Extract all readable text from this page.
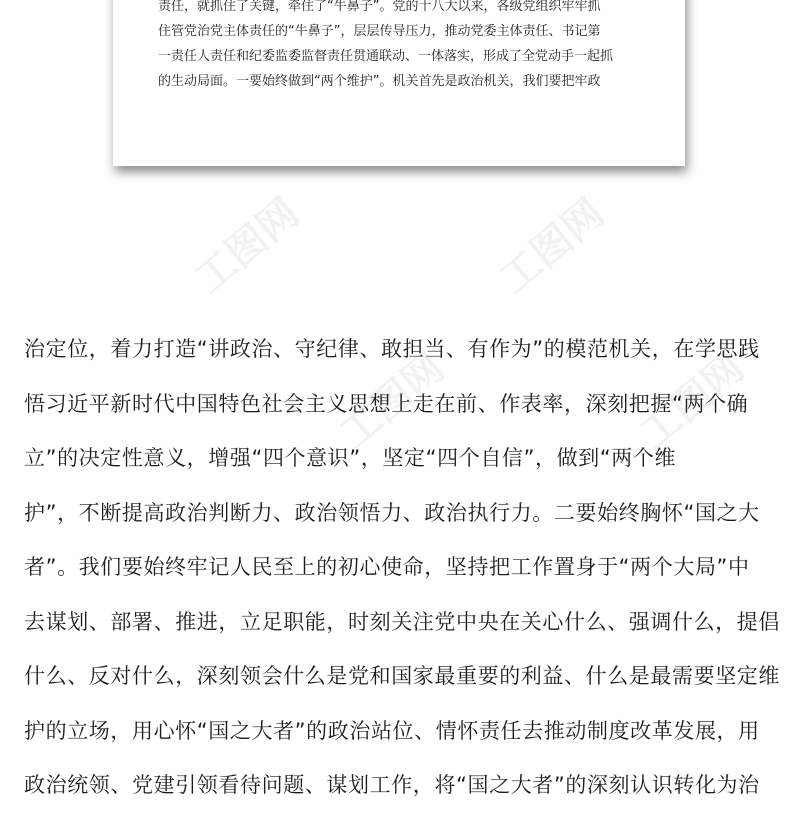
工图网	工图网
工图网	工图网
责任，就抓住了关键，牵住了“牛鼻子”。党的十八大以来，各级党组织牢牢抓
住管党治党主体责任的“牛鼻子”，层层传导压力，推动党委主体责任、书记第
一责任人责任和纪委监委监督责任贯通联动、一体落实，形成了全党动手一起抓
的生动局面。一要始终做到“两个维护”。机关首先是政治机关，我们要把牢政
治定位，着力打造“讲政治、守纪律、敢担当、有作为”的模范机关，在学思践
悟习近平新时代中国特色社会主义思想上走在前、作表率，深刻把握“两个确
立”的决定性意义，增强“四个意识”，坚定“四个自信”，做到“两个维
护”，不断提高政治判断力、政治领悟力、政治执行力。二要始终胸怀“国之大
者”。我们要始终牢记人民至上的初心使命，坚持把工作置身于“两个大局”中
去谋划、部署、推进，立足职能，时刻关注党中央在关心什么、强调什么，提倡
什么、反对什么，深刻领会什么是党和国家最重要的利益、什么是最需要坚定维
护的立场，用心怀“国之大者”的政治站位、情怀责任去推动制度改革发展，用
政治统领、党建引领看待问题、谋划工作，将“国之大者”的深刻认识转化为治
